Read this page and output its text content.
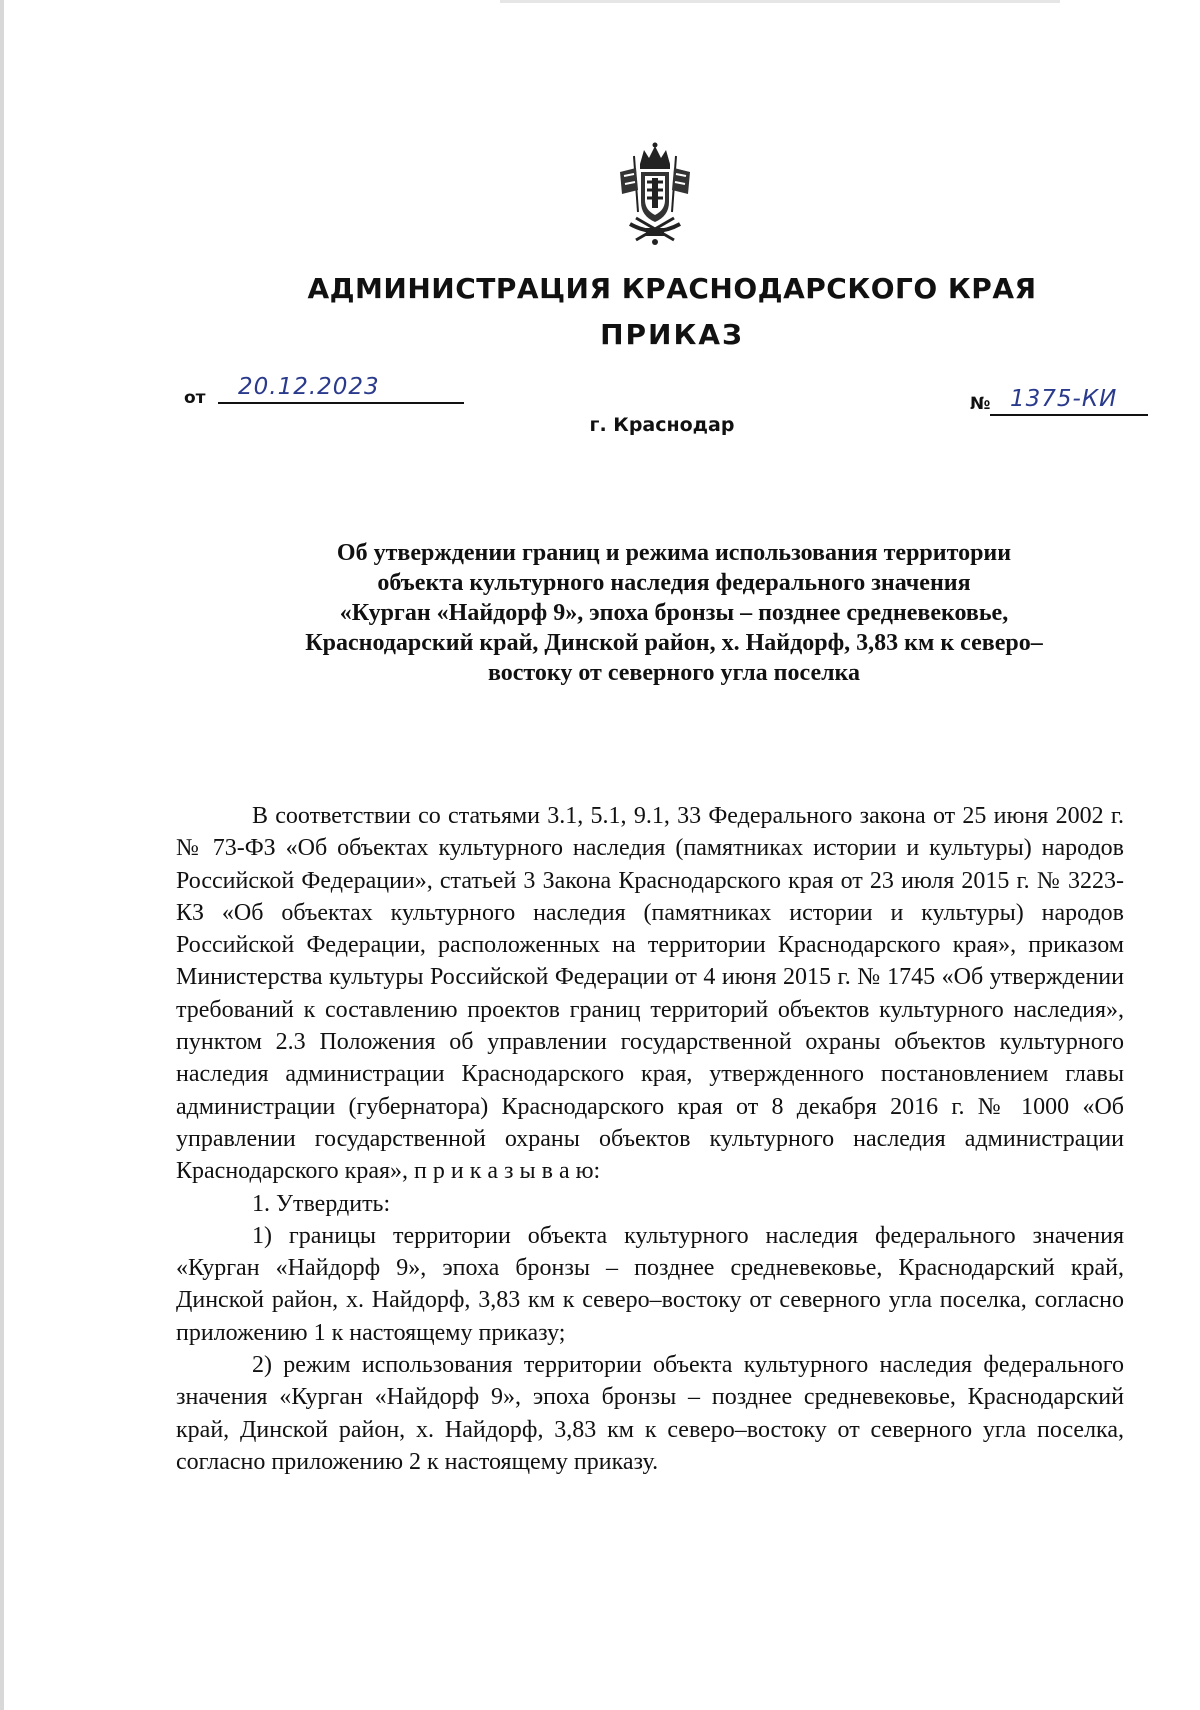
АДМИНИСТРАЦИЯ КРАСНОДАРСКОГО КРАЯ
ПРИКАЗ
от 20.12.2023
№ 1375-КИ
г. Краснодар
Об утверждении границ и режима использования территории
объекта культурного наследия федерального значения
«Курган «Найдорф 9», эпоха бронзы – позднее средневековье,
Краснодарский край, Динской район, х. Найдорф, 3,83 км к северо–
востоку от северного угла поселка

В соответствии со статьями 3.1, 5.1, 9.1, 33 Федерального закона от 25 июня 2002 г. № 73-ФЗ «Об объектах культурного наследия (памятниках истории и культуры) народов Российской Федерации», статьей 3 Закона Краснодарского края от 23 июля 2015 г. № 3223-КЗ «Об объектах культурного наследия (памятниках истории и культуры) народов Российской Федерации, расположенных на территории Краснодарского края», приказом Министерства культуры Российской Федерации от 4 июня 2015 г. № 1745 «Об утверждении требований к составлению проектов границ территорий объектов культурного наследия», пунктом 2.3 Положения об управлении государственной охраны объектов культурного наследия администрации Краснодарского края, утвержденного постановлением главы администрации (губернатора) Краснодарского края от 8 декабря 2016 г. № 1000 «Об управлении государственной охраны объектов культурного наследия администрации Краснодарского края», п р и к а з ы в а ю:

1. Утвердить:

1) границы территории объекта культурного наследия федерального значения «Курган «Найдорф 9», эпоха бронзы – позднее средневековье, Краснодарский край, Динской район, х. Найдорф, 3,83 км к северо–востоку от северного угла поселка, согласно приложению 1 к настоящему приказу;

2) режим использования территории объекта культурного наследия федерального значения «Курган «Найдорф 9», эпоха бронзы – позднее средневековье, Краснодарский край, Динской район, х. Найдорф, 3,83 км к северо–востоку от северного угла поселка, согласно приложению 2 к настоящему приказу.
